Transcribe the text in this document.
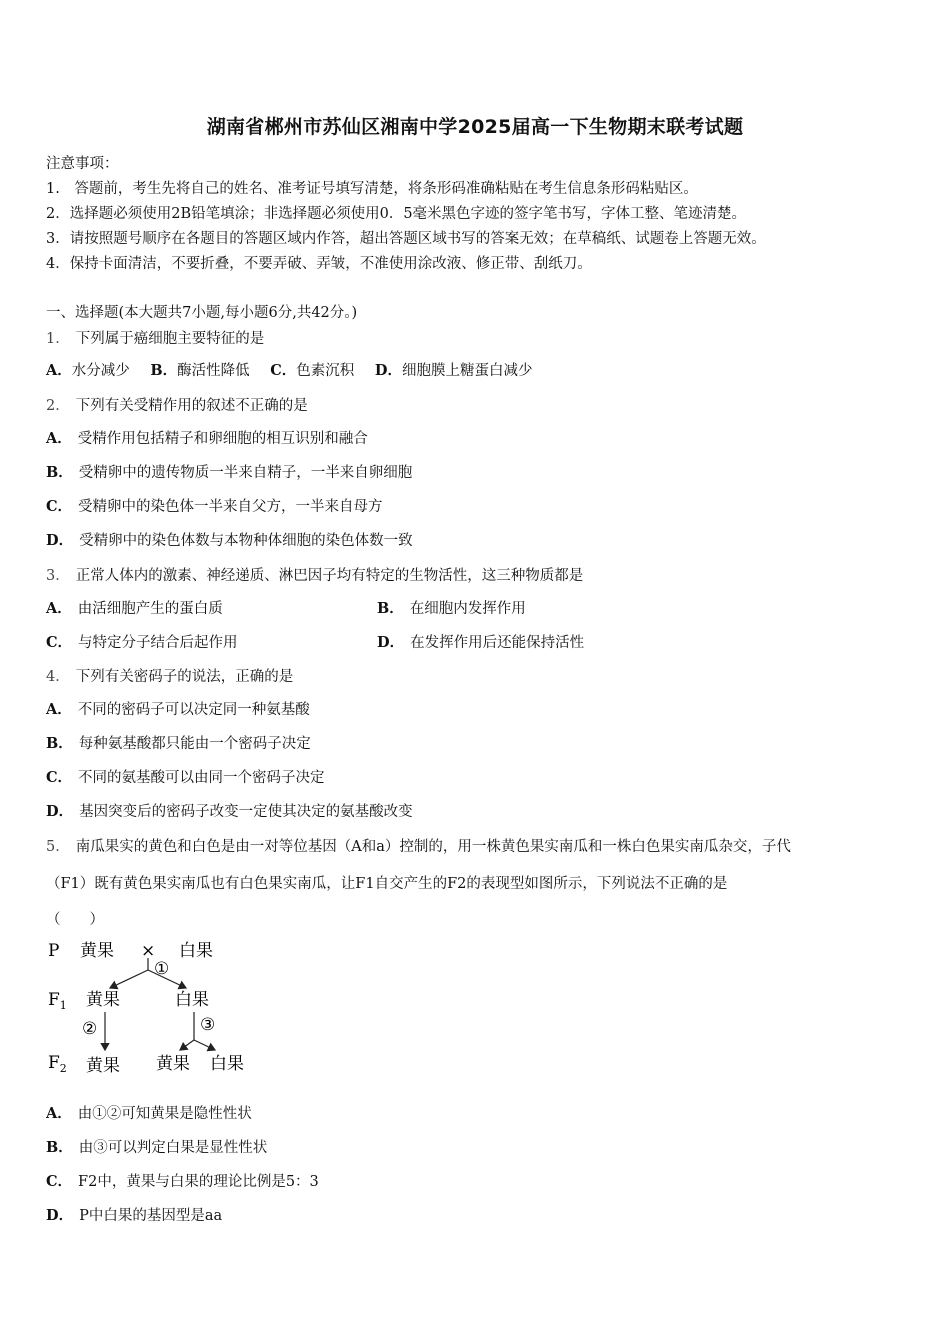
湖南省郴州市苏仙区湘南中学2025届高一下生物期末联考试题
注意事项：
1.　答题前，考生先将自己的姓名、准考证号填写清楚，将条形码准确粘贴在考生信息条形码粘贴区。
2．选择题必须使用2B铅笔填涂；非选择题必须使用0．5毫米黑色字迹的签字笔书写，字体工整、笔迹清楚。
3．请按照题号顺序在各题目的答题区域内作答，超出答题区域书写的答案无效；在草稿纸、试题卷上答题无效。
4．保持卡面清洁，不要折叠，不要弄破、弄皱，不准使用涂改液、修正带、刮纸刀。
一、选择题(本大题共7小题,每小题6分,共42分。)
1． 下列属于癌细胞主要特征的是
A．水分减少 B．酶活性降低 C．色素沉积 D．细胞膜上糖蛋白减少
2． 下列有关受精作用的叙述不正确的是
A． 受精作用包括精子和卵细胞的相互识别和融合
B． 受精卵中的遗传物质一半来自精子，一半来自卵细胞
C． 受精卵中的染色体一半来自父方，一半来自母方
D． 受精卵中的染色体数与本物种体细胞的染色体数一致
3． 正常人体内的激素、神经递质、淋巴因子均有特定的生物活性，这三种物质都是
A． 由活细胞产生的蛋白质	B． 在细胞内发挥作用
C． 与特定分子结合后起作用	D． 在发挥作用后还能保持活性
4． 下列有关密码子的说法，正确的是
A． 不同的密码子可以决定同一种氨基酸
B． 每种氨基酸都只能由一个密码子决定
C． 不同的氨基酸可以由同一个密码子决定
D． 基因突变后的密码子改变一定使其决定的氨基酸改变
5． 南瓜果实的黄色和白色是由一对等位基因（A和a）控制的，用一株黄色果实南瓜和一株白色果实南瓜杂交，子代
（F1）既有黄色果实南瓜也有白色果实南瓜，让F1自交产生的F2的表现型如图所示，下列说法不正确的是
（　　）
P 黄果 × 白果
①
$F_1$ 黄果	白果
②	③
$F_2$ 黄果 黄果 白果
A． 由①②可知黄果是隐性性状
B． 由③可以判定白果是显性性状
C． F2中，黄果与白果的理论比例是5：3
D． P中白果的基因型是aa
